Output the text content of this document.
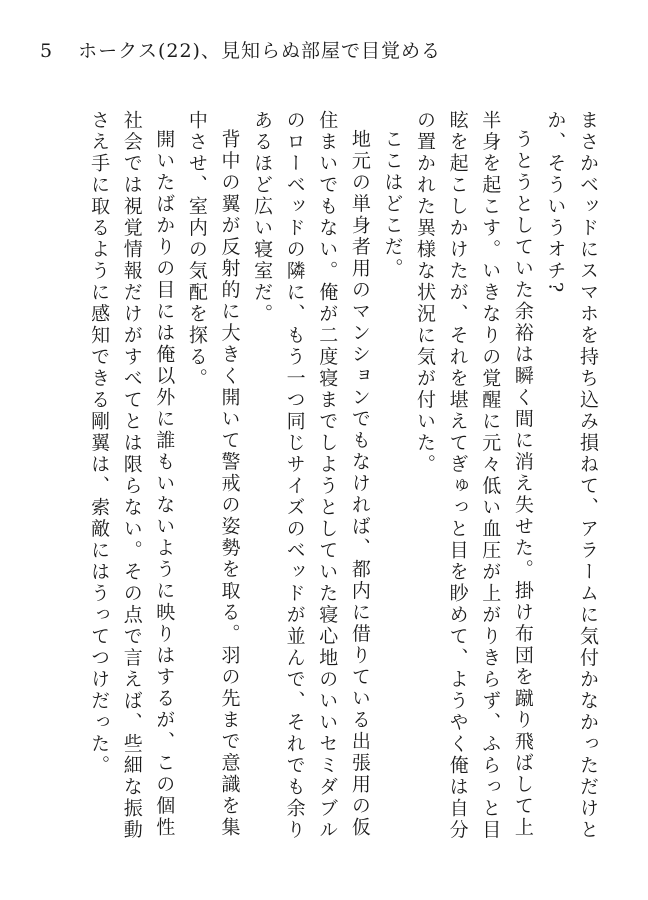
5 ホークス(22)、見知らぬ部屋で目覚める

まさかベッドにスマホを持ち込み損ねて、アラームに気付かなかっただけとか、そういうオチ?

うとうとしていた余裕は瞬く間に消え失せた。掛け布団を蹴り飛ばして上半身を起こす。いきなりの覚醒に元々低い血圧が上がりきらず、ふらっと目眩を起こしかけたが、それを堪えてぎゅっと目を眇めて、ようやく俺は自分の置かれた異様な状況に気が付いた。

ここはどこだ。

地元の単身者用のマンションでもなければ、都内に借りている出張用の仮住まいでもない。俺が二度寝までしようとしていた寝心地のいいセミダブルのローベッドの隣に、もう一つ同じサイズのベッドが並んで、それでも余りあるほど広い寝室だ。

背中の翼が反射的に大きく開いて警戒の姿勢を取る。羽の先まで意識を集中させ、室内の気配を探る。

開いたばかりの目には俺以外に誰もいないように映りはするが、この個性社会では視覚情報だけがすべてとは限らない。その点で言えば、些細な振動さえ手に取るように感知できる剛翼は、索敵にはうってつけだった。
